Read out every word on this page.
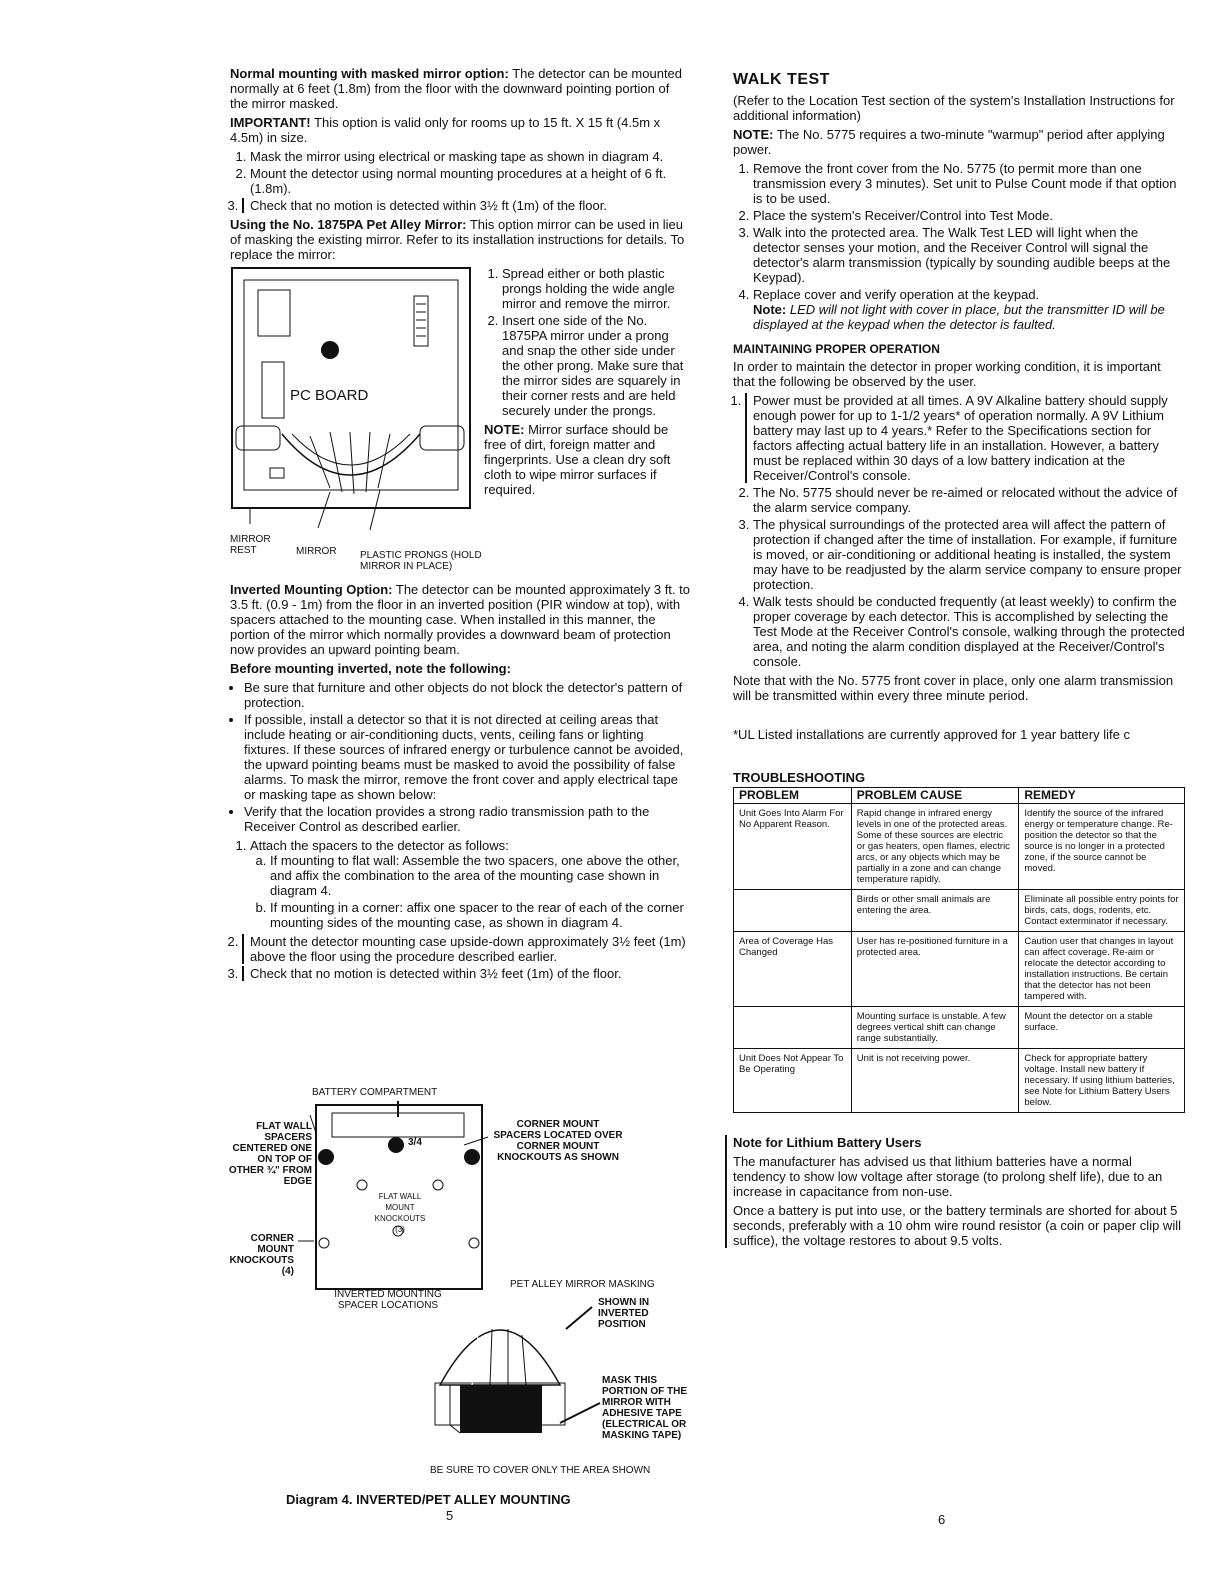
Normal mounting with masked mirror option: The detector can be mounted normally at 6 feet (1.8m) from the floor with the downward pointing portion of the mirror masked.

IMPORTANT! This option is valid only for rooms up to 15 ft. X 15 ft (4.5m x 4.5m) in size.

1. Mask the mirror using electrical or masking tape as shown in diagram 4.
2. Mount the detector using normal mounting procedures at a height of 6 ft. (1.8m).
3. Check that no motion is detected within 3½ ft (1m) of the floor.

Using the No. 1875PA Pet Alley Mirror: This option mirror can be used in lieu of masking the existing mirror. Refer to its installation instructions for details. To replace the mirror:

PC BOARD
MIRROR REST	MIRROR PLASTIC PRONGS (HOLD MIRROR IN PLACE)
1. Spread either or both plastic prongs holding the wide angle mirror and remove the mirror.
2. Insert one side of the No. 1875PA mirror under a prong and snap the other side under the other prong. Make sure that the mirror sides are squarely in their corner rests and are held securely under the prongs.

NOTE: Mirror surface should be free of dirt, foreign matter and fingerprints. Use a clean dry soft cloth to wipe mirror surfaces if required.

Inverted Mounting Option: The detector can be mounted approximately 3 ft. to 3.5 ft. (0.9 - 1m) from the floor in an inverted position (PIR window at top), with spacers attached to the mounting case. When installed in this manner, the portion of the mirror which normally provides a downward beam of protection now provides an upward pointing beam.

Before mounting inverted, note the following:

• Be sure that furniture and other objects do not block the detector's pattern of protection.
• If possible, install a detector so that it is not directed at ceiling areas that include heating or air-conditioning ducts, vents, ceiling fans or lighting fixtures. If these sources of infrared energy or turbulence cannot be avoided, the upward pointing beams must be masked to avoid the possibility of false alarms. To mask the mirror, remove the front cover and apply electrical tape or masking tape as shown below:
• Verify that the location provides a strong radio transmission path to the Receiver Control as described earlier.
1. Attach the spacers to the detector as follows:
a. If mounting to flat wall: Assemble the two spacers, one above the other, and affix the combination to the area of the mounting case shown in diagram 4.
b. If mounting in a corner: affix one spacer to the rear of each of the corner mounting sides of the mounting case, as shown in diagram 4.
2. Mount the detector mounting case upside-down approximately 3½ feet (1m) above the floor using the procedure described earlier.
3. Check that no motion is detected within 3½ feet (1m) of the floor.
BATTERY COMPARTMENT
FLAT WALL SPACERS CENTERED ONE ON TOP OF OTHER ¾" FROM EDGE
CORNER MOUNT SPACERS LOCATED OVER CORNER MOUNT KNOCKOUTS AS SHOWN
3/4
FLAT WALL MOUNT KNOCKOUTS (3)
CORNER MOUNT KNOCKOUTS (4)
INVERTED MOUNTING SPACER LOCATIONS
PET ALLEY MIRROR MASKING
SHOWN IN INVERTED POSITION
MASK THIS PORTION OF THE MIRROR WITH ADHESIVE TAPE (ELECTRICAL OR MASKING TAPE)
BE SURE TO COVER ONLY THE AREA SHOWN
Diagram 4. INVERTED/PET ALLEY MOUNTING
5
WALK TEST

(Refer to the Location Test section of the system's Installation Instructions for additional information)

NOTE: The No. 5775 requires a two-minute "warmup" period after applying power.

1. Remove the front cover from the No. 5775 (to permit more than one transmission every 3 minutes). Set unit to Pulse Count mode if that option is to be used.
2. Place the system's Receiver/Control into Test Mode.
3. Walk into the protected area. The Walk Test LED will light when the detector senses your motion, and the Receiver Control will signal the detector's alarm transmission (typically by sounding audible beeps at the Keypad).
4. Replace cover and verify operation at the keypad.
Note: LED will not light with cover in place, but the transmitter ID will be displayed at the keypad when the detector is faulted.
MAINTAINING PROPER OPERATION

In order to maintain the detector in proper working condition, it is important that the following be observed by the user.

1. Power must be provided at all times. A 9V Alkaline battery should supply enough power for up to 1-1/2 years* of operation normally. A 9V Lithium battery may last up to 4 years.* Refer to the Specifications section for factors affecting actual battery life in an installation. However, a battery must be replaced within 30 days of a low battery indication at the Receiver/Control's console.
2. The No. 5775 should never be re-aimed or relocated without the advice of the alarm service company.
3. The physical surroundings of the protected area will affect the pattern of protection if changed after the time of installation. For example, if furniture is moved, or air-conditioning or additional heating is installed, the system may have to be readjusted by the alarm service company to ensure proper protection.
4. Walk tests should be conducted frequently (at least weekly) to confirm the proper coverage by each detector. This is accomplished by selecting the Test Mode at the Receiver Control's console, walking through the protected area, and noting the alarm condition displayed at the Receiver/Control's console.

Note that with the No. 5775 front cover in place, only one alarm transmission will be transmitted within every three minute period.

*UL Listed installations are currently approved for 1 year battery life c

TROUBLESHOOTING
PROBLEM	PROBLEM CAUSE	REMEDY
Unit Goes Into Alarm For No Apparent Reason.	Rapid change in infrared energy levels in one of the protected areas. Some of these sources are electric or gas heaters, open flames, electric arcs, or any objects which may be partially in a zone and can change temperature rapidly.	Identify the source of the infrared energy or temperature change. Re-position the detector so that the source is no longer in a protected zone, if the source cannot be moved.
	Birds or other small animals are entering the area.	Eliminate all possible entry points for birds, cats, dogs, rodents, etc. Contact exterminator if necessary.
Area of Coverage Has Changed	User has re-positioned furniture in a protected area.	Caution user that changes in layout can affect coverage. Re-aim or relocate the detector according to installation instructions. Be certain that the detector has not been tampered with.
	Mounting surface is unstable. A few degrees vertical shift can change range substantially.	Mount the detector on a stable surface.
Unit Does Not Appear To Be Operating	Unit is not receiving power.	Check for appropriate battery voltage. Install new battery if necessary. If using lithium batteries, see Note for Lithium Battery Users below.

Note for Lithium Battery Users

The manufacturer has advised us that lithium batteries have a normal tendency to show low voltage after storage (to prolong shelf life), due to an increase in capacitance from non-use.

Once a battery is put into use, or the battery terminals are shorted for about 5 seconds, preferably with a 10 ohm wire round resistor (a coin or paper clip will suffice), the voltage restores to about 9.5 volts.

6
